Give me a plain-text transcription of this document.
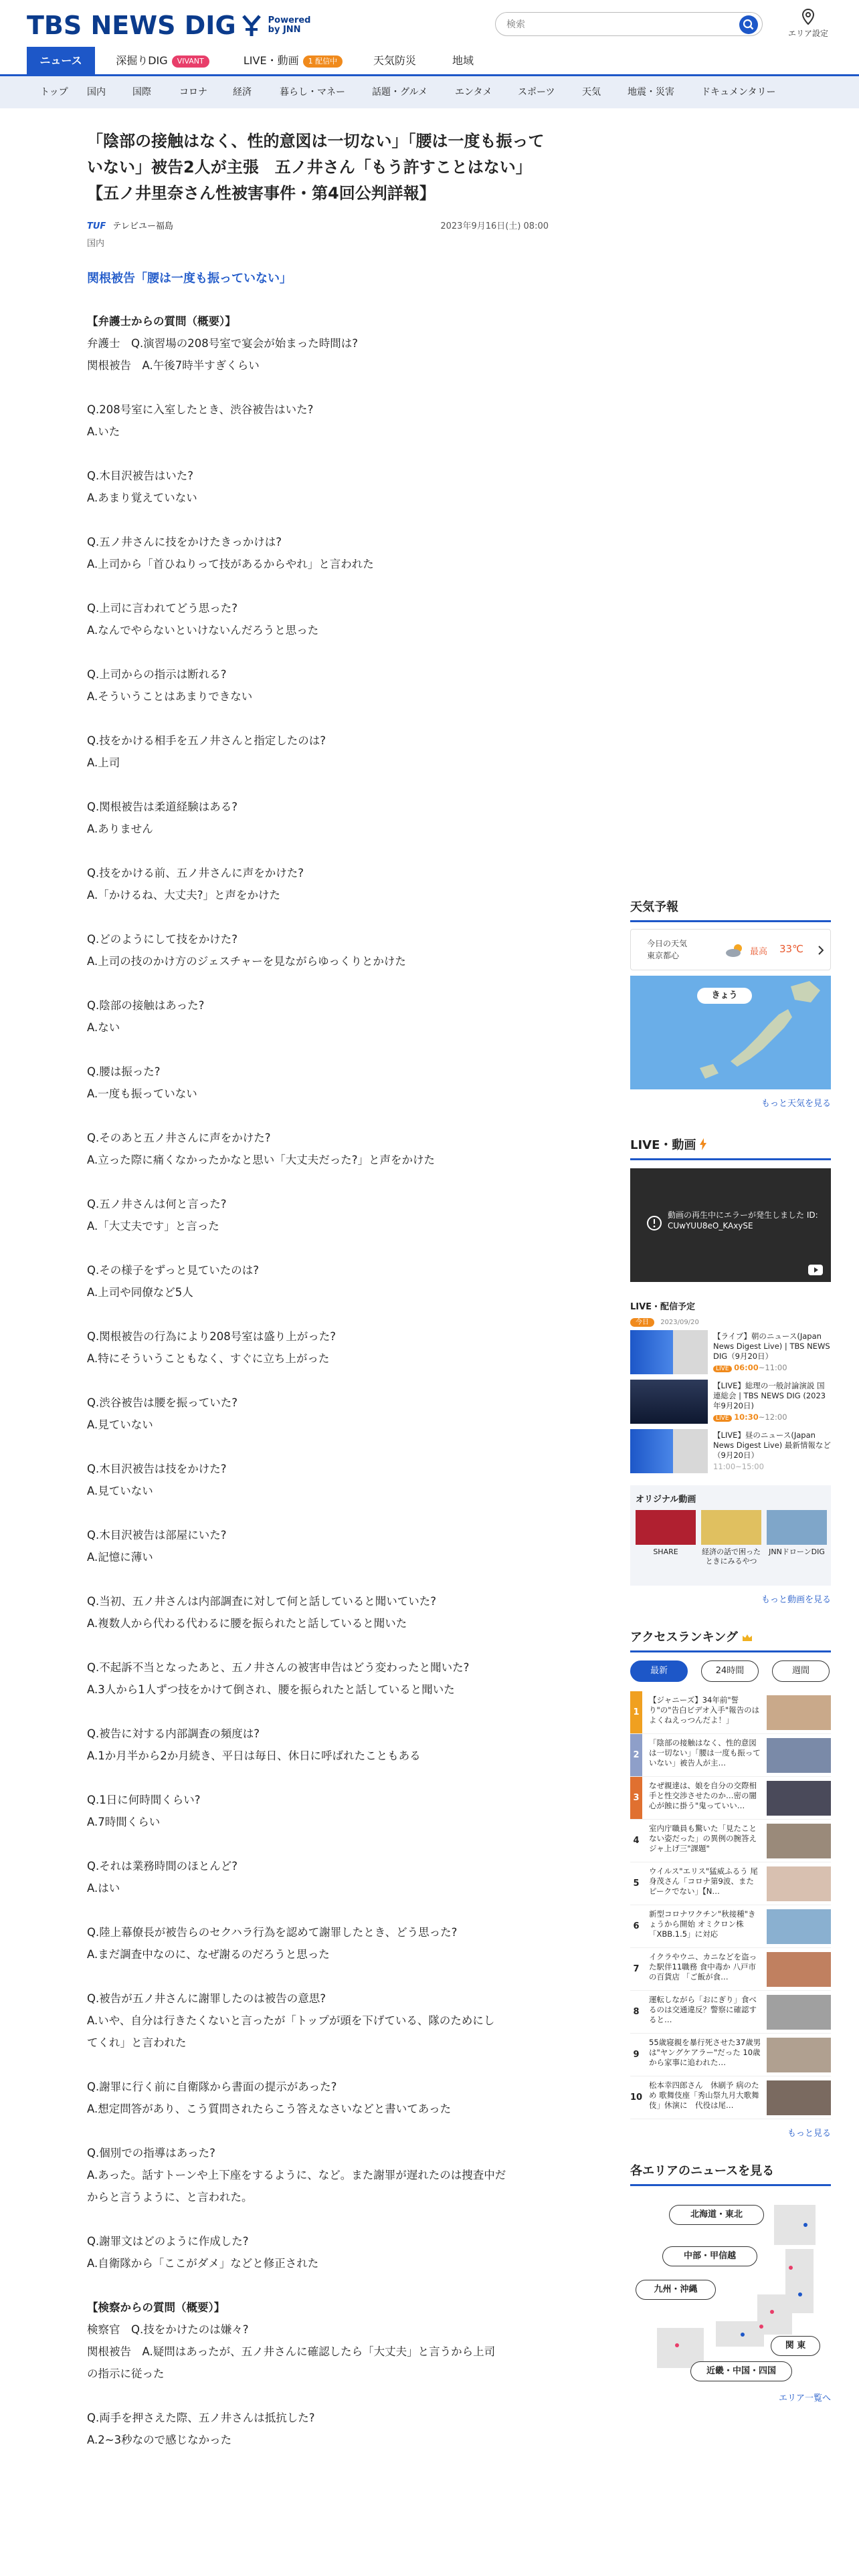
TBS NEWS DIG	Powered
by JNN
検索	エリア設定
ニュース	深掘りDIG VIVANT	LIVE・動画 1 配信中	天気防災	地域
トップ 国内	国際	コロナ	経済	暮らし・マネー	話題・グルメ	エンタメ	スポーツ	天気	地震・災害	ドキュメンタリー
「陰部の接触はなく、性的意図は一切ない」「腰は一度も振っていない」被告2人が主張　五ノ井さん「もう許すことはない」【五ノ井里奈さん性被害事件・第4回公判詳報】
TUF テレビユー福島	2023年9月16日(土) 08:00
国内
関根被告「腰は一度も振っていない」

【弁護士からの質問（概要）】

弁護士　Q.演習場の208号室で宴会が始まった時間は?

関根被告　A.午後7時半すぎくらい

Q.208号室に入室したとき、渋谷被告はいた?

A.いた

Q.木目沢被告はいた?

A.あまり覚えていない

Q.五ノ井さんに技をかけたきっかけは?

A.上司から「首ひねりって技があるからやれ」と言われた

Q.上司に言われてどう思った?

A.なんでやらないといけないんだろうと思った

Q.上司からの指示は断れる?

A.そういうことはあまりできない

Q.技をかける相手を五ノ井さんと指定したのは?

A.上司

Q.関根被告は柔道経験はある?

A.ありません

Q.技をかける前、五ノ井さんに声をかけた?

A.「かけるね、大丈夫?」と声をかけた

Q.どのようにして技をかけた?

A.上司の技のかけ方のジェスチャーを見ながらゆっくりとかけた

Q.陰部の接触はあった?

A.ない

Q.腰は振った?

A.一度も振っていない

Q.そのあと五ノ井さんに声をかけた?

A.立った際に痛くなかったかなと思い「大丈夫だった?」と声をかけた

Q.五ノ井さんは何と言った?

A.「大丈夫です」と言った

Q.その様子をずっと見ていたのは?

A.上司や同僚など5人

Q.関根被告の行為により208号室は盛り上がった?

A.特にそういうこともなく、すぐに立ち上がった

Q.渋谷被告は腰を振っていた?

A.見ていない

Q.木目沢被告は技をかけた?

A.見ていない

Q.木目沢被告は部屋にいた?

A.記憶に薄い

Q.当初、五ノ井さんは内部調査に対して何と話していると聞いていた?

A.複数人から代わる代わるに腰を振られたと話していると聞いた

Q.不起訴不当となったあと、五ノ井さんの被害申告はどう変わったと聞いた?

A.3人から1人ずつ技をかけて倒され、腰を振られたと話していると聞いた

Q.被告に対する内部調査の頻度は?

A.1か月半から2か月続き、平日は毎日、休日に呼ばれたこともある

Q.1日に何時間くらい?

A.7時間くらい

Q.それは業務時間のほとんど?

A.はい

Q.陸上幕僚長が被告らのセクハラ行為を認めて謝罪したとき、どう思った?

A.まだ調査中なのに、なぜ謝るのだろうと思った

Q.被告が五ノ井さんに謝罪したのは被告の意思?

A.いや、自分は行きたくないと言ったが「トップが頭を下げている、隊のためにし

てくれ」と言われた

Q.謝罪に行く前に自衛隊から書面の提示があった?

A.想定問答があり、こう質問されたらこう答えなさいなどと書いてあった

Q.個別での指導はあった?

A.あった。話すトーンや上下座をするように、など。また謝罪が遅れたのは捜査中だ

からと言うように、と言われた。

Q.謝罪文はどのように作成した?

A.自衛隊から「ここがダメ」などと修正された

【検察からの質問（概要）】

検察官　Q.技をかけたのは嫌々?

関根被告　A.疑問はあったが、五ノ井さんに確認したら「大丈夫」と言うから上司

の指示に従った

Q.両手を押さえた際、五ノ井さんは抵抗した?

A.2~3秒なので感じなかった

天気予報
今日の天気
東京都心	最高 33℃
きょう
もっと天気を見る
LIVE・動画
動画の再生中にエラーが発生しました ID: CUwYUU8eO_KAxySE
LIVE・配信予定
今日 2023/09/20
【ライブ】朝のニュース(Japan News Digest Live) | TBS NEWS DIG（9月20日）
LIVE 06:00~11:00
【LIVE】総理の一般討論演説 国連総会 | TBS NEWS DIG (2023年9月20日)
LIVE 10:30~12:00
【LIVE】昼のニュース(Japan News Digest Live) 最新情報など（9月20日）
11:00~15:00
オリジナル動画
SHARE	経済の話で困ったときにみるやつ
JNNドローンDIG
もっと動画を見る
アクセスランキング
最新	24時間	週間
1
【ジャニーズ】34年前"誓り"の"告白ビデオ入手"報告のはよくねえっつんだよ！」
2
「陰部の接触はなく、性的意図は一切ない」「腰は一度も振っていない」被告人が主…
3
なぜ親達は、娘を自分の交際相手と性交渉させたのか…密の闇心が蝕に掛う"鬼っていい…
4
室内庁職員も驚いた「見たことない姿だった」の異例の腕答え ジャ上げ三"課題"
5
ウイルス"エリス"猛威ふるう 尾身茂さん「コロナ第9波、また ピークでない」【N…
6
新型コロナワクチン"秋接種"きょうから開始 オミクロン株「XBB.1.5」に対応
7
イクラやウニ、カニなどを盗った駅伴11職務 食中毒か 八戸市の百貨店 「ご飯が食…
8
運転しながら「おにぎり」食べるのは交通違反？警察に確認すると…
9
55歳寝親を暴行死させた37歳男は"ヤングケアラー"だった 10歳から家事に追われた…
10
松本幸四郎さん　休刷予 病のため 歌舞伎座「秀山祭九月大歌舞伎」休演に　代役は尾…
もっと見る
各エリアのニュースを見る
北海道・東北
中部・甲信越
九州・沖縄
関 東
近畿・中国・四国
エリア一覧へ
